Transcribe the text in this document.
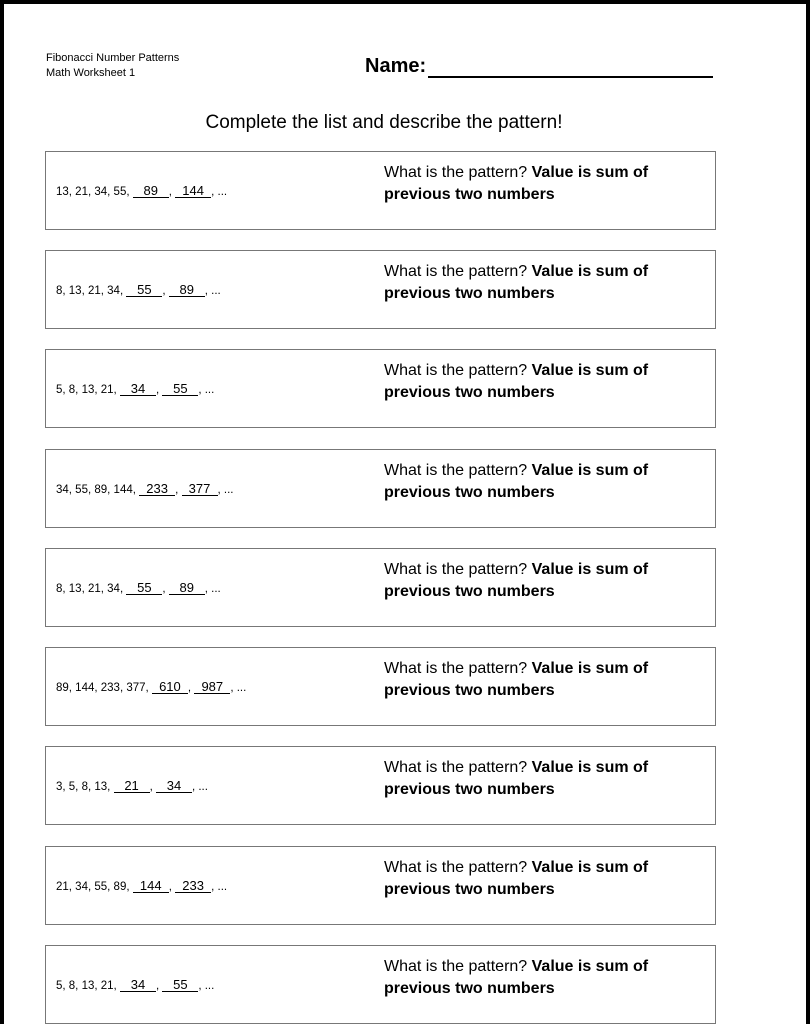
Fibonacci Number Patterns
Math Worksheet 1	Name:
Complete the list and describe the pattern!
13, 21, 34, 55, 89 , 144 , ...
What is the pattern? Value is sum of previous two numbers
8, 13, 21, 34, 55 , 89 , ...
What is the pattern? Value is sum of previous two numbers
5, 8, 13, 21, 34 , 55 , ...
What is the pattern? Value is sum of previous two numbers
34, 55, 89, 144, 233 , 377 , ...
What is the pattern? Value is sum of previous two numbers
8, 13, 21, 34, 55 , 89 , ...
What is the pattern? Value is sum of previous two numbers
89, 144, 233, 377, 610 , 987 , ...
What is the pattern? Value is sum of previous two numbers
3, 5, 8, 13, 21 , 34 , ...
What is the pattern? Value is sum of previous two numbers
21, 34, 55, 89, 144 , 233 , ...
What is the pattern? Value is sum of previous two numbers
5, 8, 13, 21, 34 , 55 , ...
What is the pattern? Value is sum of previous two numbers
